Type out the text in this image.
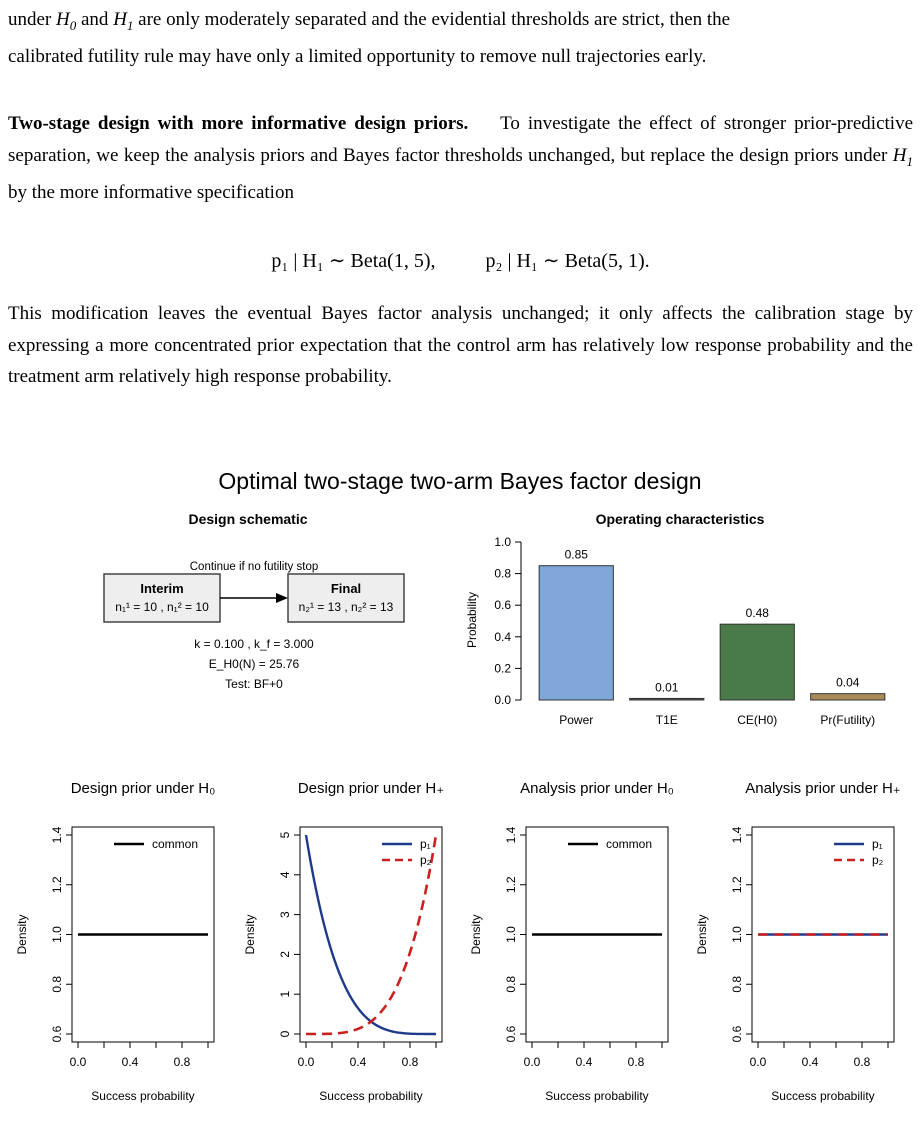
under $H_0$ and $H_1$ are only moderately separated and the evidential thresholds are strict, then the
calibrated futility rule may have only a limited opportunity to remove null trajectories early.

Two-stage design with more informative design priors. To investigate the effect of stronger prior-predictive separation, we keep the analysis priors and Bayes factor thresholds unchanged, but replace the design priors under $H_1$ by the more informative specification

p₁ | H₁ ∼ Beta(1, 5),	p₂ | H₁ ∼ Beta(5, 1).

This modification leaves the eventual Bayes factor analysis unchanged; it only affects the calibration stage by expressing a more concentrated prior expectation that the control arm has relatively low response probability and the treatment arm relatively high response probability.

Optimal two-stage two-arm Bayes factor design
Design schematic
Continue if no futility stop
Interim	Final
n₁¹ = 10 , n₁² = 10	n₂¹ = 13 , n₂² = 13
k = 0.100 , k_f = 3.000
E_H0(N) = 25.76
Test: BF+0
Operating characteristics
Probability
0.0
0.2
0.4
0.6
0.8
1.0
0.85
Power
0.01
T1E
0.48
CE(H0)
0.04
Pr(Futility)
Design prior under H₀
0.6
0.8
1.0
1.2
1.4
0.0	0.4	0.8
Success probability
Density
common
Design prior under H₊
0
1
2
3
4
5
0.0	0.4	0.8
Success probability
Density
p₁
p₂
Analysis prior under H₀
0.6
0.8
1.0
1.2
1.4
0.0	0.4	0.8
Success probability
Density
common
Analysis prior under H₊
0.6
0.8
1.0
1.2
1.4
0.0	0.4	0.8
Success probability
Density
p₁
p₂
